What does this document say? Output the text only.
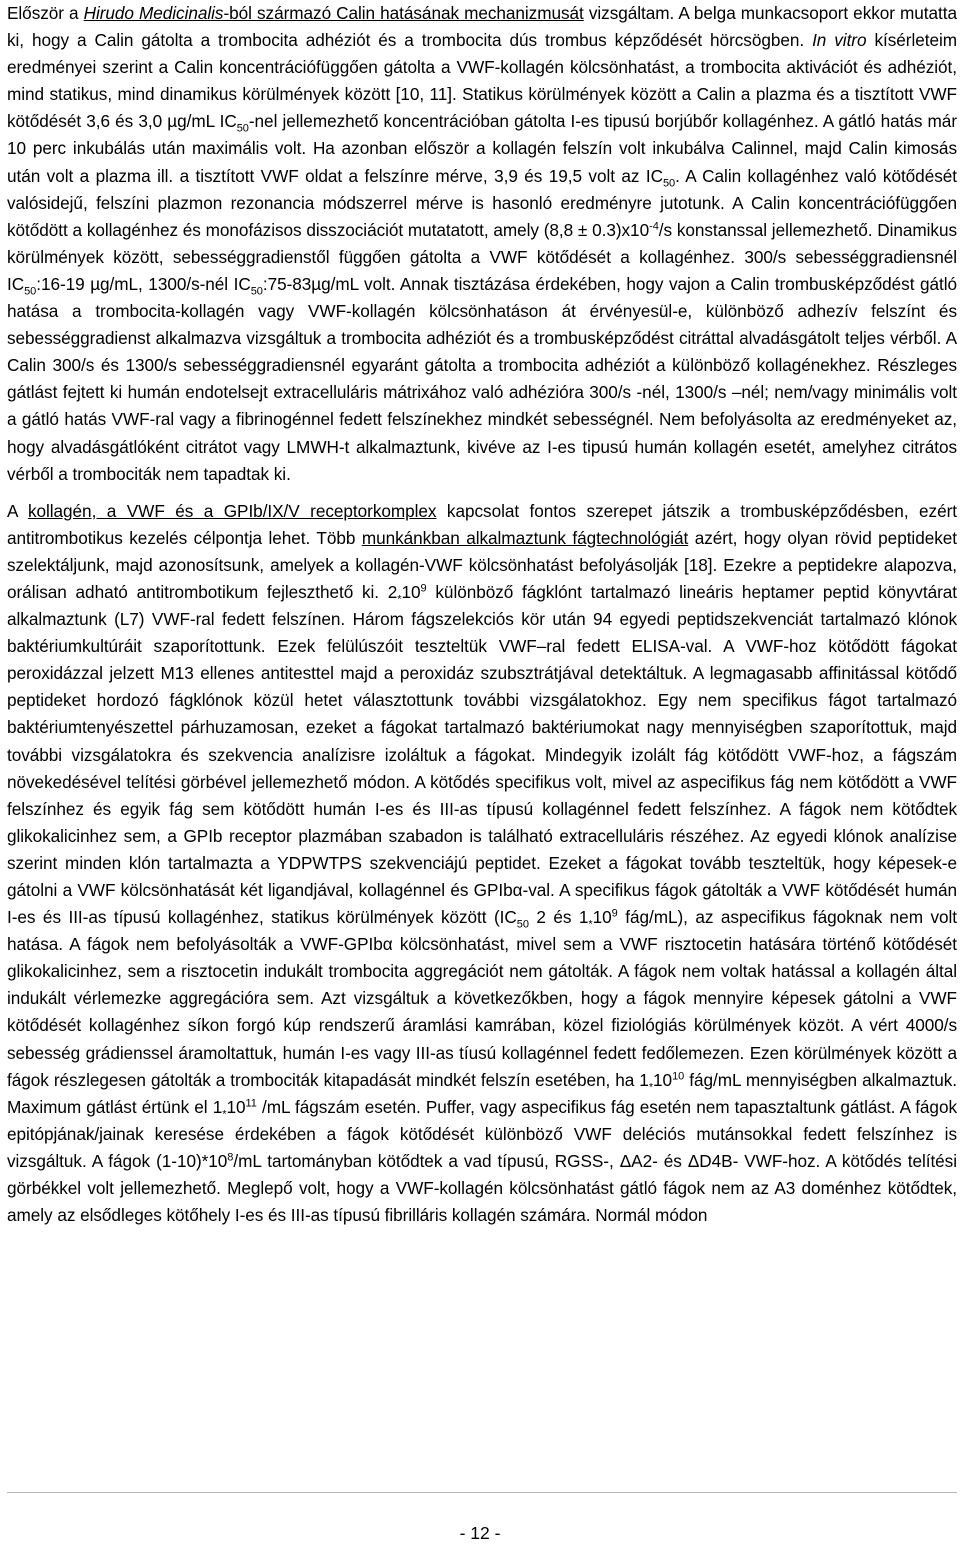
Először a Hirudo Medicinalis-ból származó Calin hatásának mechanizmusát vizsgáltam. A belga munkacsoport ekkor mutatta ki, hogy a Calin gátolta a trombocita adhéziót és a trombocita dús trombus képződését hörcsögben. In vitro kísérleteim eredményei szerint a Calin koncentrációfüggően gátolta a VWF-kollagén kölcsönhatást, a trombocita aktivációt és adhéziót, mind statikus, mind dinamikus körülmények között [10, 11]. Statikus körülmények között a Calin a plazma és a tisztított VWF kötődését 3,6 és 3,0 µg/mL $IC_{50}$-nel jellemezhető koncentrációban gátolta I-es tipusú borjúbőr kollagénhez. A gátló hatás már 10 perc inkubálás után maximális volt. Ha azonban először a kollagén felszín volt inkubálva Calinnel, majd Calin kimosás után volt a plazma ill. a tisztított VWF oldat a felszínre mérve, 3,9 és 19,5 volt az $IC_{50}$. A Calin kollagénhez való kötődését valósidejű, felszíni plazmon rezonancia módszerrel mérve is hasonló eredményre jutotunk. A Calin koncentrációfüggően kötődött a kollagénhez és monofázisos disszociációt mutatatott, amely $(8,8 \pm 0.3)x10^{-4}/s$ konstanssal jellemezhető. Dinamikus körülmények között, sebességgradienstől függően gátolta a VWF kötődését a kollagénhez. 300/s sebességgradiensnél $IC_{50}:16-19$ µg/mL, 1300/s-nél $IC_{50}:75-83\mu g/mL$ volt. Annak tisztázása érdekében, hogy vajon a Calin trombusképződést gátló hatása a trombocita-kollagén vagy VWF-kollagén kölcsönhatáson át érvényesül-e, különböző adhezív felszínt és sebességgradienst alkalmazva vizsgáltuk a trombocita adhéziót és a trombusképződést citráttal alvadásgátolt teljes vérből. A Calin 300/s és 1300/s sebességgradiensnél egyaránt gátolta a trombocita adhéziót a különböző kollagénekhez. Részleges gátlást fejtett ki humán endotelsejt extracelluláris mátrixához való adhézióra 300/s -nél, 1300/s –nél; nem/vagy minimális volt a gátló hatás VWF-ral vagy a fibrinogénnel fedett felszínekhez mindkét sebességnél. Nem befolyásolta az eredményeket az, hogy alvadásgátlóként citrátot vagy LMWH-t alkalmaztunk, kivéve az I-es tipusú humán kollagén esetét, amelyhez citrátos vérből a trombociták nem tapadtak ki.

A kollagén, a VWF és a GPIb/IX/V receptorkomplex kapcsolat fontos szerepet játszik a trombusképződésben, ezért antitrombotikus kezelés célpontja lehet. Több munkánkban alkalmaztunk fágtechnológiát azért, hogy olyan rövid peptideket szelektáljunk, majd azonosítsunk, amelyek a kollagén-VWF kölcsönhatást befolyásolják [18]. Ezekre a peptidekre alapozva, orálisan adható antitrombotikum fejleszthető ki. $2_*10^9$ különböző fágklónt tartalmazó lineáris heptamer peptid könyvtárat alkalmaztunk (L7) VWF-ral fedett felszínen. Három fágszelekciós kör után 94 egyedi peptidszekvenciát tartalmazó klónok baktériumkultúráit szaporítottunk. Ezek felülúszóit teszteltük VWF–ral fedett ELISA-val. A VWF-hoz kötődött fágokat peroxidázzal jelzett M13 ellenes antitesttel majd a peroxidáz szubsztrátjával detektáltuk. A legmagasabb affinitással kötődő peptideket hordozó fágklónok közül hetet választottunk további vizsgálatokhoz. Egy nem specifikus fágot tartalmazó baktériumtenyészettel párhuzamosan, ezeket a fágokat tartalmazó baktériumokat nagy mennyiségben szaporítottuk, majd további vizsgálatokra és szekvencia analízisre izoláltuk a fágokat. Mindegyik izolált fág kötődött VWF-hoz, a fágszám növekedésével telítési görbével jellemezhető módon. A kötődés specifikus volt, mivel az aspecifikus fág nem kötődött a VWF felszínhez és egyik fág sem kötődött humán I-es és III-as típusú kollagénnel fedett felszínhez. A fágok nem kötődtek glikokalicinhez sem, a GPIb receptor plazmában szabadon is található extracelluláris részéhez. Az egyedi klónok analízise szerint minden klón tartalmazta a YDPWTPS szekvenciájú peptidet. Ezeket a fágokat tovább teszteltük, hogy képesek-e gátolni a VWF kölcsönhatását két ligandjával, kollagénnel és GPIbα-val. A specifikus fágok gátolták a VWF kötődését humán I-es és III-as típusú kollagénhez, statikus körülmények között ($IC_{50}$ 2 és $1_*10^9$ fág/mL), az aspecifikus fágoknak nem volt hatása. A fágok nem befolyásolták a VWF-GPIbα kölcsönhatást, mivel sem a VWF risztocetin hatására történő kötődését glikokalicinhez, sem a risztocetin indukált trombocita aggregációt nem gátolták. A fágok nem voltak hatással a kollagén által indukált vérlemezke aggregációra sem. Azt vizsgáltuk a következőkben, hogy a fágok mennyire képesek gátolni a VWF kötődését kollagénhez síkon forgó kúp rendszerű áramlási kamrában, közel fiziológiás körülmények közöt. A vért 4000/s sebesség grádienssel áramoltattuk, humán I-es vagy III-as tíusú kollagénnel fedett fedőlemezen. Ezen körülmények között a fágok részlegesen gátolták a trombociták kitapadását mindkét felszín esetében, ha $1_*10^{10}$ fág/mL mennyiségben alkalmaztuk. Maximum gátlást értünk el $1_*10^{11}$ /mL fágszám esetén. Puffer, vagy aspecifikus fág esetén nem tapasztaltunk gátlást. A fágok epitópjának/jainak keresése érdekében a fágok kötődését különböző VWF deléciós mutánsokkal fedett felszínhez is vizsgáltuk. A fágok $(1-10)*10^8/mL$ tartományban kötődtek a vad típusú, RGSS-, ΔA2- és ΔD4B- VWF-hoz. A kötődés telítési görbékkel volt jellemezhető. Meglepő volt, hogy a VWF-kollagén kölcsönhatást gátló fágok nem az A3 doménhez kötődtek, amely az elsődleges kötőhely I-es és III-as típusú fibrilláris kollagén számára. Normál módon

- 12 -
